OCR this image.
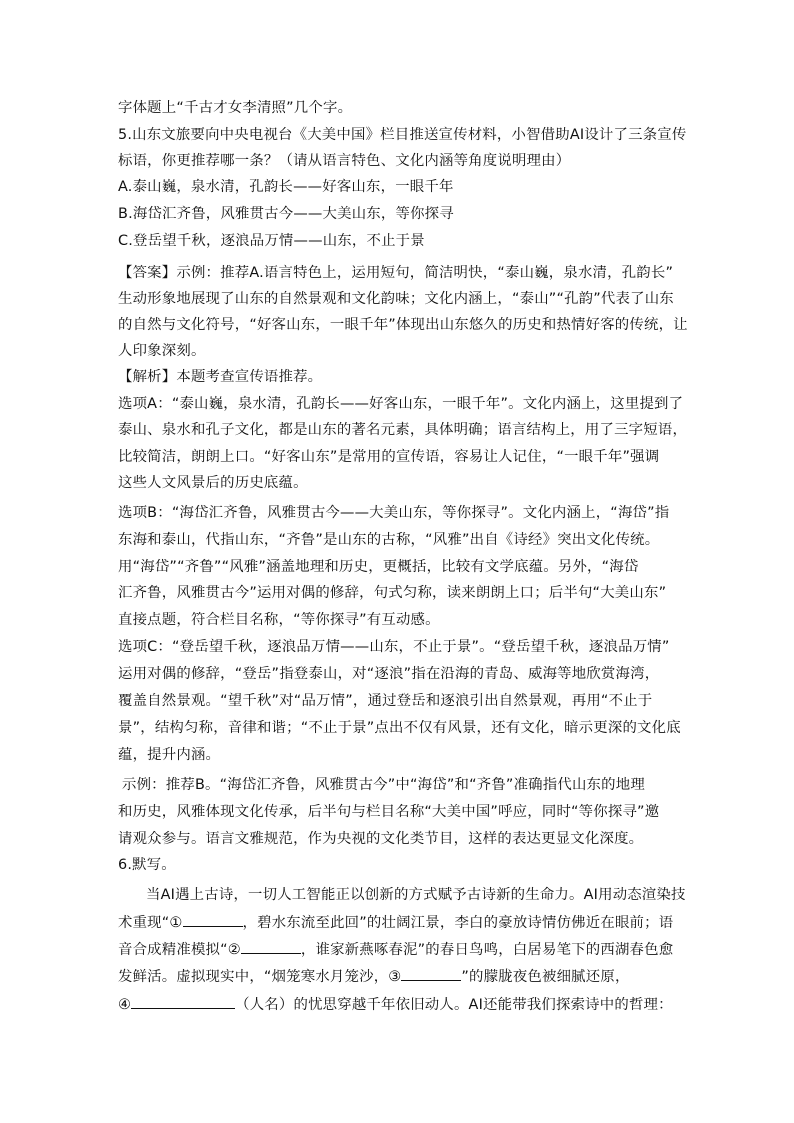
字体题上“千古才女李清照”几个字。
5.山东文旅要向中央电视台《大美中国》栏目推送宣传材料，小智借助AI设计了三条宣传
标语，你更推荐哪一条？（请从语言特色、文化内涵等角度说明理由）
A.泰山巍，泉水清，孔韵长——好客山东，一眼千年
B.海岱汇齐鲁，风雅贯古今——大美山东，等你探寻
C.登岳望千秋，逐浪品万情——山东，不止于景
【答案】示例：推荐A.语言特色上，运用短句，简洁明快，“泰山巍，泉水清，孔韵长”
生动形象地展现了山东的自然景观和文化韵味；文化内涵上，“泰山”“孔韵”代表了山东
的自然与文化符号，“好客山东，一眼千年”体现出山东悠久的历史和热情好客的传统，让
人印象深刻。
【解析】本题考查宣传语推荐。
选项A：“泰山巍，泉水清，孔韵长——好客山东，一眼千年”。文化内涵上，这里提到了
泰山、泉水和孔子文化，都是山东的著名元素，具体明确；语言结构上，用了三字短语，
比较简洁，朗朗上口。“好客山东”是常用的宣传语，容易让人记住，“一眼千年”强调
这些人文风景后的历史底蕴。
选项B：“海岱汇齐鲁，风雅贯古今——大美山东，等你探寻”。文化内涵上，“海岱”指
东海和泰山，代指山东，“齐鲁”是山东的古称，“风雅”出自《诗经》突出文化传统。
用“海岱”“齐鲁”“风雅”涵盖地理和历史，更概括，比较有文学底蕴。另外，“海岱
汇齐鲁，风雅贯古今”运用对偶的修辞，句式匀称，读来朗朗上口；后半句“大美山东”
直接点题，符合栏目名称，“等你探寻”有互动感。
选项C：“登岳望千秋，逐浪品万情——山东，不止于景”。“登岳望千秋，逐浪品万情”
运用对偶的修辞，“登岳”指登泰山，对“逐浪”指在沿海的青岛、威海等地欣赏海湾，
覆盖自然景观。“望千秋”对“品万情”，通过登岳和逐浪引出自然景观，再用“不止于
景”，结构匀称，音律和谐；“不止于景”点出不仅有风景，还有文化，暗示更深的文化底
蕴，提升内涵。
示例：推荐B。“海岱汇齐鲁，风雅贯古今”中“海岱”和“齐鲁”准确指代山东的地理
和历史，风雅体现文化传承，后半句与栏目名称“大美中国”呼应，同时“等你探寻”邀
请观众参与。语言文雅规范，作为央视的文化类节目，这样的表达更显文化深度。
6.默写。
当AI遇上古诗，一切人工智能正以创新的方式赋予古诗新的生命力。AI用动态渲染技
术重现“①	，碧水东流至此回”的壮阔江景，李白的豪放诗情仿佛近在眼前；语
音合成精准模拟“②	，谁家新燕啄春泥”的春日鸟鸣，白居易笔下的西湖春色愈
发鲜活。虚拟现实中，“烟笼寒水月笼沙，③	”的朦胧夜色被细腻还原，
④	（人名）的忧思穿越千年依旧动人。AI还能带我们探索诗中的哲理：
